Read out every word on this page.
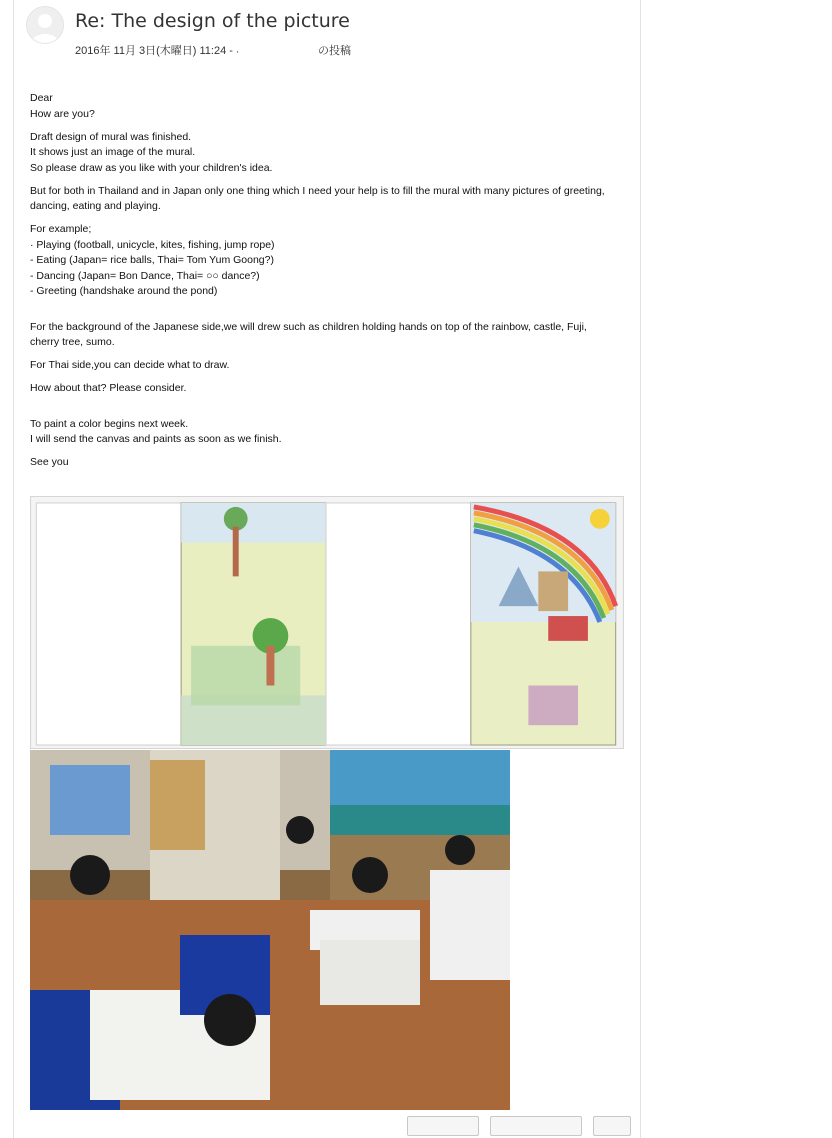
Re: The design of the picture
2016年 11月 3日(木曜日) 11:24 - ⸳	の投稿
Dear
How are you?
Draft design of mural was finished.
It shows just an image of the mural.
So please draw as you like with your children's idea.
But for both in Thailand and in Japan only one thing which I need your help is to fill the mural with many pictures of greeting,
dancing, eating and playing.
For example;
· Playing (football, unicycle, kites, fishing, jump rope)
- Eating (Japan= rice balls, Thai= Tom Yum Goong?)
- Dancing (Japan= Bon Dance, Thai= ○○ dance?)
- Greeting (handshake around the pond)
For the background of the Japanese side,we will drew such as children holding hands on top of the rainbow, castle, Fuji,
cherry tree, sumo.
For Thai side,you can decide what to draw.
How about that? Please consider.
To paint a color begins next week.
I will send the canvas and paints as soon as we finish.
See you
